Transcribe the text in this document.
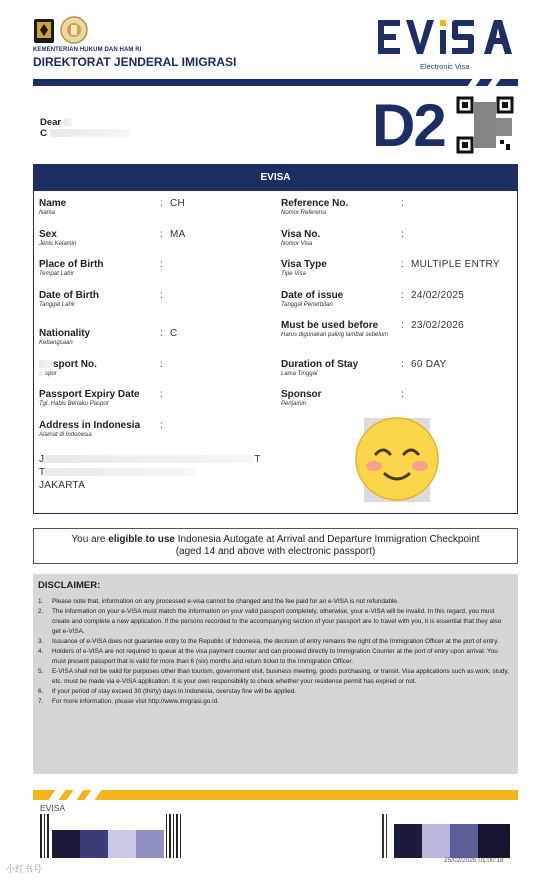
KEMENTERIAN HUKUM DAN HAM RI
DIREKTORAT JENDERAL IMIGRASI	Electronic Visa
Dear
C	D2
EVISA
Name
Nama
: CH
Sex
Jenis Kelamin
: MA
Place of Birth
Tempat Lahir
:
Date of Birth
Tanggal Lahir
:
Nationality
Kebangsaan
: C
sport No.
spor
:
Passport Expiry Date
Tgl. Habis Berlaku Paspor
:
Address in Indonesia
Alamat di Indonesia
:
J	T
T
JAKARTA
Reference No.
Nomor Referensi
:
Visa No.
Nomor Visa
:
Visa Type
Tipe Visa
: MULTIPLE ENTRY
Date of issue
Tanggal Penerbitan
: 24/02/2025
Must be used before
Harus digunakan paling lambat sebelum
: 23/02/2026
Duration of Stay
Lama Tinggal
: 60 DAY
Sponsor
Penjamin
:
You are eligible to use Indonesia Autogate at Arrival and Departure Immigration Checkpoint
(aged 14 and above with electronic passport)
DISCLAIMER:
1. Please note that, information on any processed e-visa cannot be changed and the fee paid for an e-VISA is not refundable.
2. The information on your e-VISA must match the information on your valid passport completely, otherwise, your e-VISA will be invalid. In this regard, you must create and complete a new application. If the persons recorded to the accompanying section of your passport are to travel with you, it is essential that they also get e-VISA.
3. Issuance of e-VISA does not guarantee entry to the Republic of Indonesia, the decision of entry remains the right of the Immigration Officer at the port of entry.
4. Holders of e-VISA are not required to queue at the visa payment counter and can proceed directly to Immigration Counter at the port of entry upon arrival. You must present passport that is valid for more than 6 (six) months and return ticket to the Immigration Officer.
5. E-VISA shall not be valid for purposes other than tourism, government visit, business meeting, goods purchasing, or transit. Visa applications such as work, study, etc. must be made via e-VISA application. It is your own responsibility to check whether your residence permit has expired or not.
6. If your period of stay exceed 30 (thirty) days in Indonesia, overstay fine will be applied.
7. For more information, please visit http://www.imigrasi.go.id.
EVISA
25/02/2025 01:00:18
小红书号
